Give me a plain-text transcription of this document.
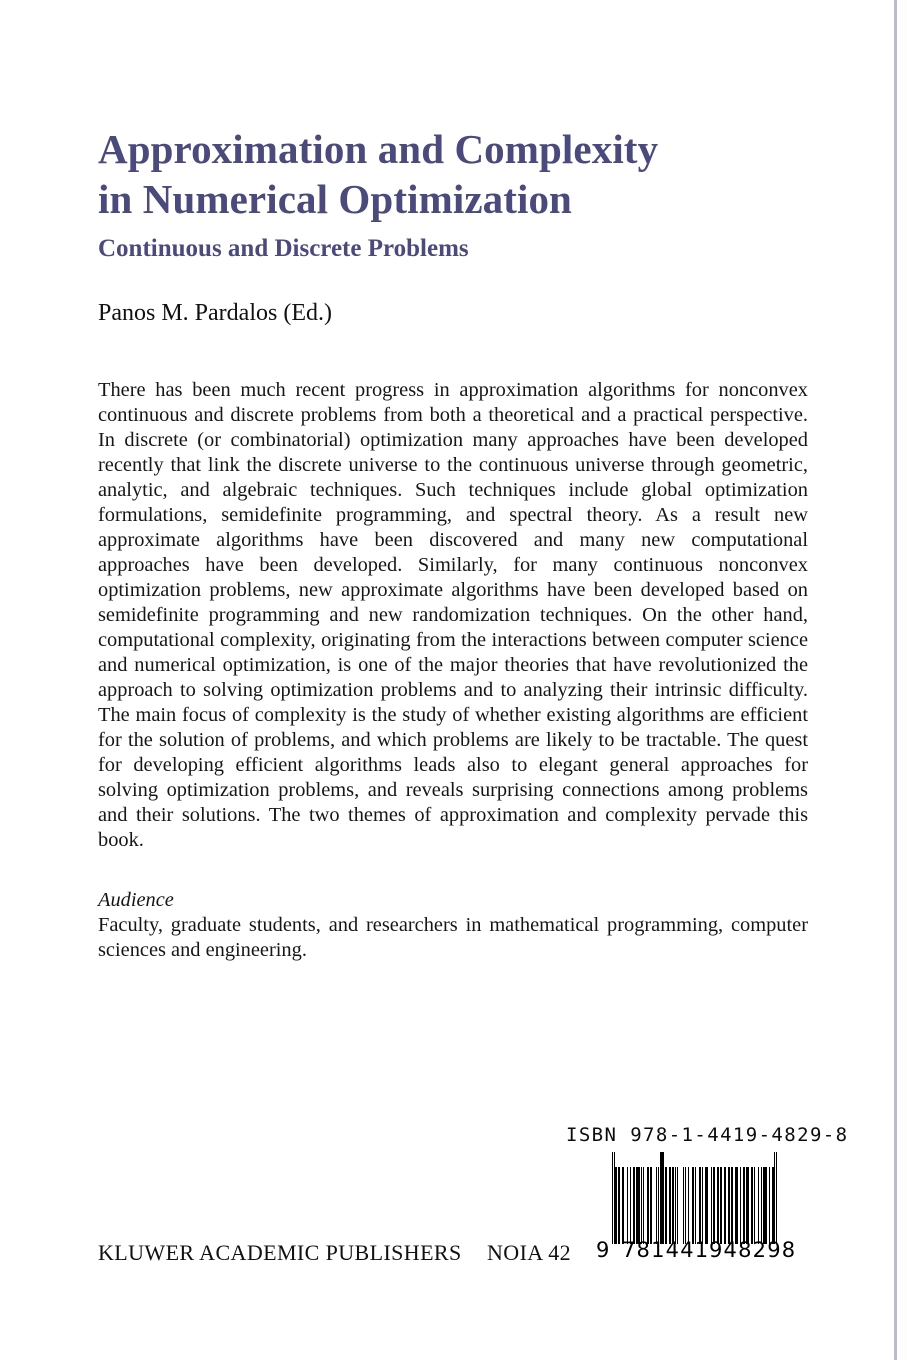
Approximation and Complexity
in Numerical Optimization
Continuous and Discrete Problems
Panos M. Pardalos (Ed.)
There has been much recent progress in approximation algorithms for nonconvex continuous and discrete problems from both a theoretical and a practical perspective. In discrete (or combinatorial) optimization many approaches have been developed recently that link the discrete universe to the continuous universe through geometric, analytic, and algebraic techniques. Such techniques include global optimization formulations, semidefinite programming, and spectral theory. As a result new approximate algorithms have been discovered and many new computational approaches have been developed. Similarly, for many continuous nonconvex optimization problems, new approximate algorithms have been developed based on semidefinite programming and new randomization techniques. On the other hand, computational complexity, originating from the interactions between computer science and numerical optimization, is one of the major theories that have revolutionized the approach to solving optimization problems and to analyzing their intrinsic difficulty. The main focus of complexity is the study of whether existing algorithms are efficient for the solution of problems, and which problems are likely to be tractable. The quest for developing efficient algorithms leads also to elegant general approaches for solving optimization problems, and reveals surprising connections among problems and their solutions. The two themes of approximation and complexity pervade this book.
Audience
Faculty, graduate students, and researchers in mathematical programming, computer sciences and engineering.
ISBN 978-1-4419-4829-8
9 781441 948298
KLUWER ACADEMIC PUBLISHERS NOIA 42
